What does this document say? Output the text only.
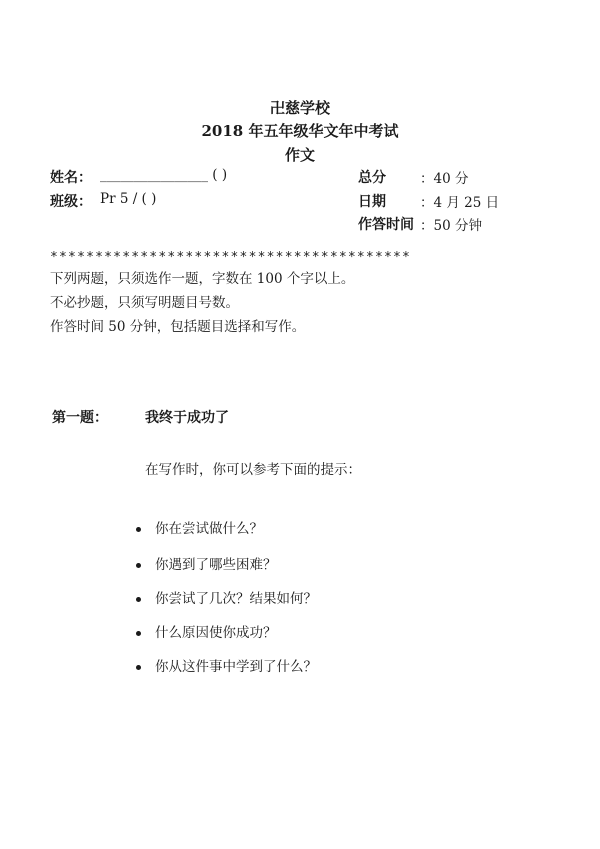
卍慈学校
2018 年五年级华文年中考试
作文
姓名： ________________ ( )
班级： Pr 5 / ( )
总分	：40 分
日期	：4 月 25 日
作答时间 ：50 分钟
****************************************
下列两题，只须选作一题，字数在 100 个字以上。
不必抄题，只须写明题目号数。
作答时间 50 分钟，包括题目选择和写作。
第一题：	我终于成功了
在写作时，你可以参考下面的提示：
你在尝试做什么？
你遇到了哪些困难？
你尝试了几次？结果如何？
什么原因使你成功？
你从这件事中学到了什么？
